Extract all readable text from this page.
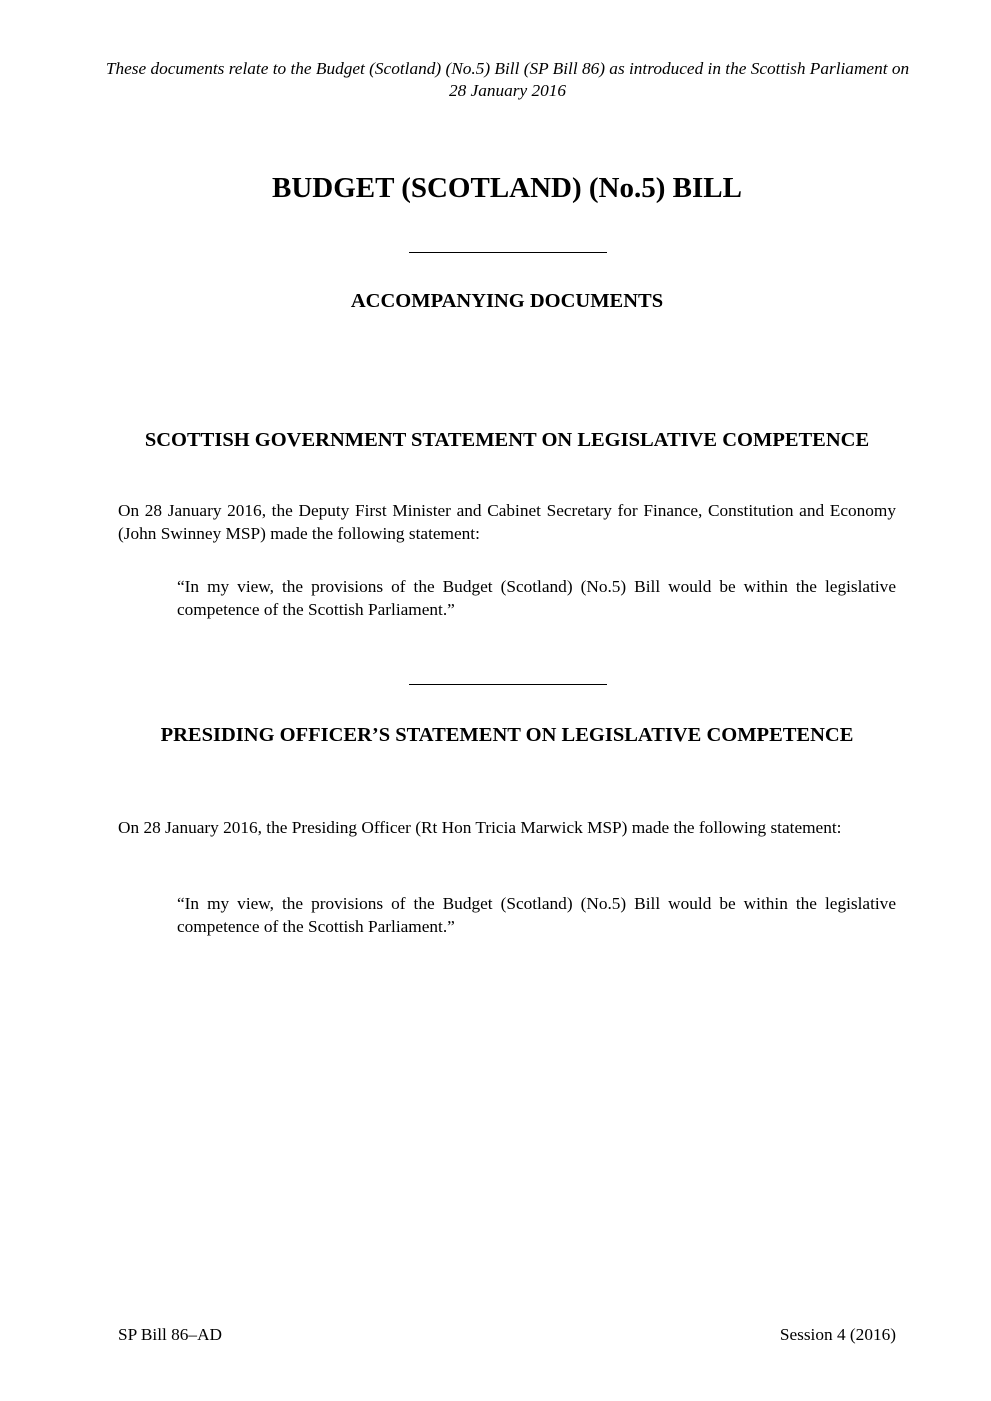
These documents relate to the Budget (Scotland) (No.5) Bill (SP Bill 86) as introduced in the Scottish Parliament on 28 January 2016
BUDGET (SCOTLAND) (No.5) BILL
ACCOMPANYING DOCUMENTS
SCOTTISH GOVERNMENT STATEMENT ON LEGISLATIVE COMPETENCE
On 28 January 2016, the Deputy First Minister and Cabinet Secretary for Finance, Constitution and Economy (John Swinney MSP) made the following statement:
“In my view, the provisions of the Budget (Scotland) (No.5) Bill would be within the legislative competence of the Scottish Parliament.”
PRESIDING OFFICER’S STATEMENT ON LEGISLATIVE COMPETENCE
On 28 January 2016, the Presiding Officer (Rt Hon Tricia Marwick MSP) made the following statement:
“In my view, the provisions of the Budget (Scotland) (No.5) Bill would be within the legislative competence of the Scottish Parliament.”
SP Bill 86–AD	Session 4 (2016)
